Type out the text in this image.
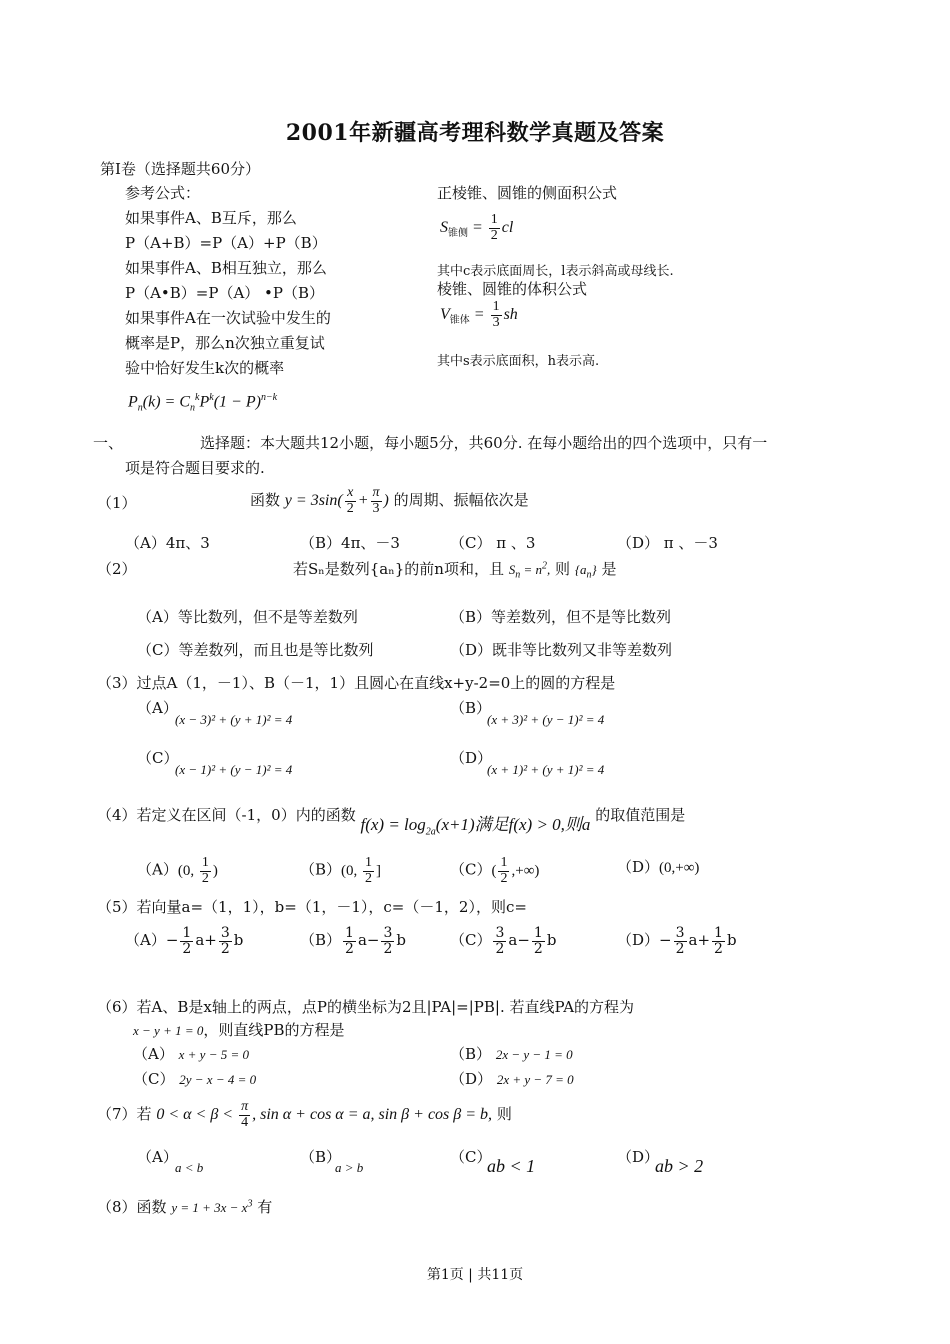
2001年新疆高考理科数学真题及答案
第Ⅰ卷（选择题共60分）
参考公式：
如果事件A、B互斥，那么
P（A+B）=P（A）+P（B）
如果事件A、B相互独立，那么
P（A•B）=P（A） •P（B）
如果事件A在一次试验中发生的
概率是P，那么n次独立重复试
验中恰好发生k次的概率
$P_n(k) = C_n^kP^k(1 - P)^{n-k}$
正棱锥、圆锥的侧面积公式
$S_{锥侧} = \frac{1}{2}$ cl
其中c表示底面周长，l表示斜高或母线长.
棱锥、圆锥的体积公式
$V_{锥体} = \frac{1}{3}$ sh
其中s表示底面积，h表示高.
一、	选择题：本大题共12小题，每小题5分，共60分. 在每小题给出的四个选项中，只有一
项是符合题目要求的.
（1）	函数 $y = 3\sin( \frac{x}{2} + \frac{\pi}{3}$ ) 的周期、振幅依次是
（A）4π、3	（B）4π、－3	（C） π 、3	（D） π 、－3
（2）	若Sₙ是数列{aₙ}的前n项和，且 $S_n = n^2$, 则 $\{a_n\}$ 是
（A）等比数列，但不是等差数列	（B）等差数列，但不是等比数列
（C）等差数列，而且也是等比数列	（D）既非等比数列又非等差数列
（3）过点A（1，－1）、B（－1，1）且圆心在直线x+y-2=0上的圆的方程是
（A）
(x − 3)² + (y + 1)² = 4
（B）
(x + 3)² + (y − 1)² = 4
（C）
(x − 1)² + (y − 1)² = 4
（D）
(x + 1)² + (y + 1)² = 4
（4）若定义在区间（-1，0）内的函数 $f(x) = \log_{2a}(x+1)$满足f(x) > 0,则a 的取值范围是
（A）(0, $\frac{1}{2}$ )	（B）(0, $\frac{1}{2}$ ]	$(C)( \frac{1}{2}$ ,+∞)	（D）(0,+∞)
（5）若向量a=（1，1），b=（1，－1），c=（－1，2），则c=
$(A)- \frac{1}{2} a+ \frac{3}{2}$ b	$(B) \frac{1}{2} a- \frac{3}{2}$ b	$(C) \frac{3}{2} a- \frac{1}{2}$ b	$(D)- \frac{3}{2} a+ \frac{1}{2}$ b
（6）若A、B是x轴上的两点，点P的横坐标为2且|PA|=|PB|. 若直线PA的方程为
x − y + 1 = 0，则直线PB的方程是
（A） x + y − 5 = 0	（B） 2x − y − 1 = 0
（C） 2y − x − 4 = 0	（D） 2x + y − 7 = 0
（7）若 $0 < \alpha < \beta < \frac{\pi}{4}$ , sin α + cos α = a, sin β + cos β = b, 则
（A）
a < b
（B）
a > b
（C）
ab < 1	（D）
ab > 2
（8）函数 $y = 1 + 3x - x^3$ 有
第1页 | 共11页
